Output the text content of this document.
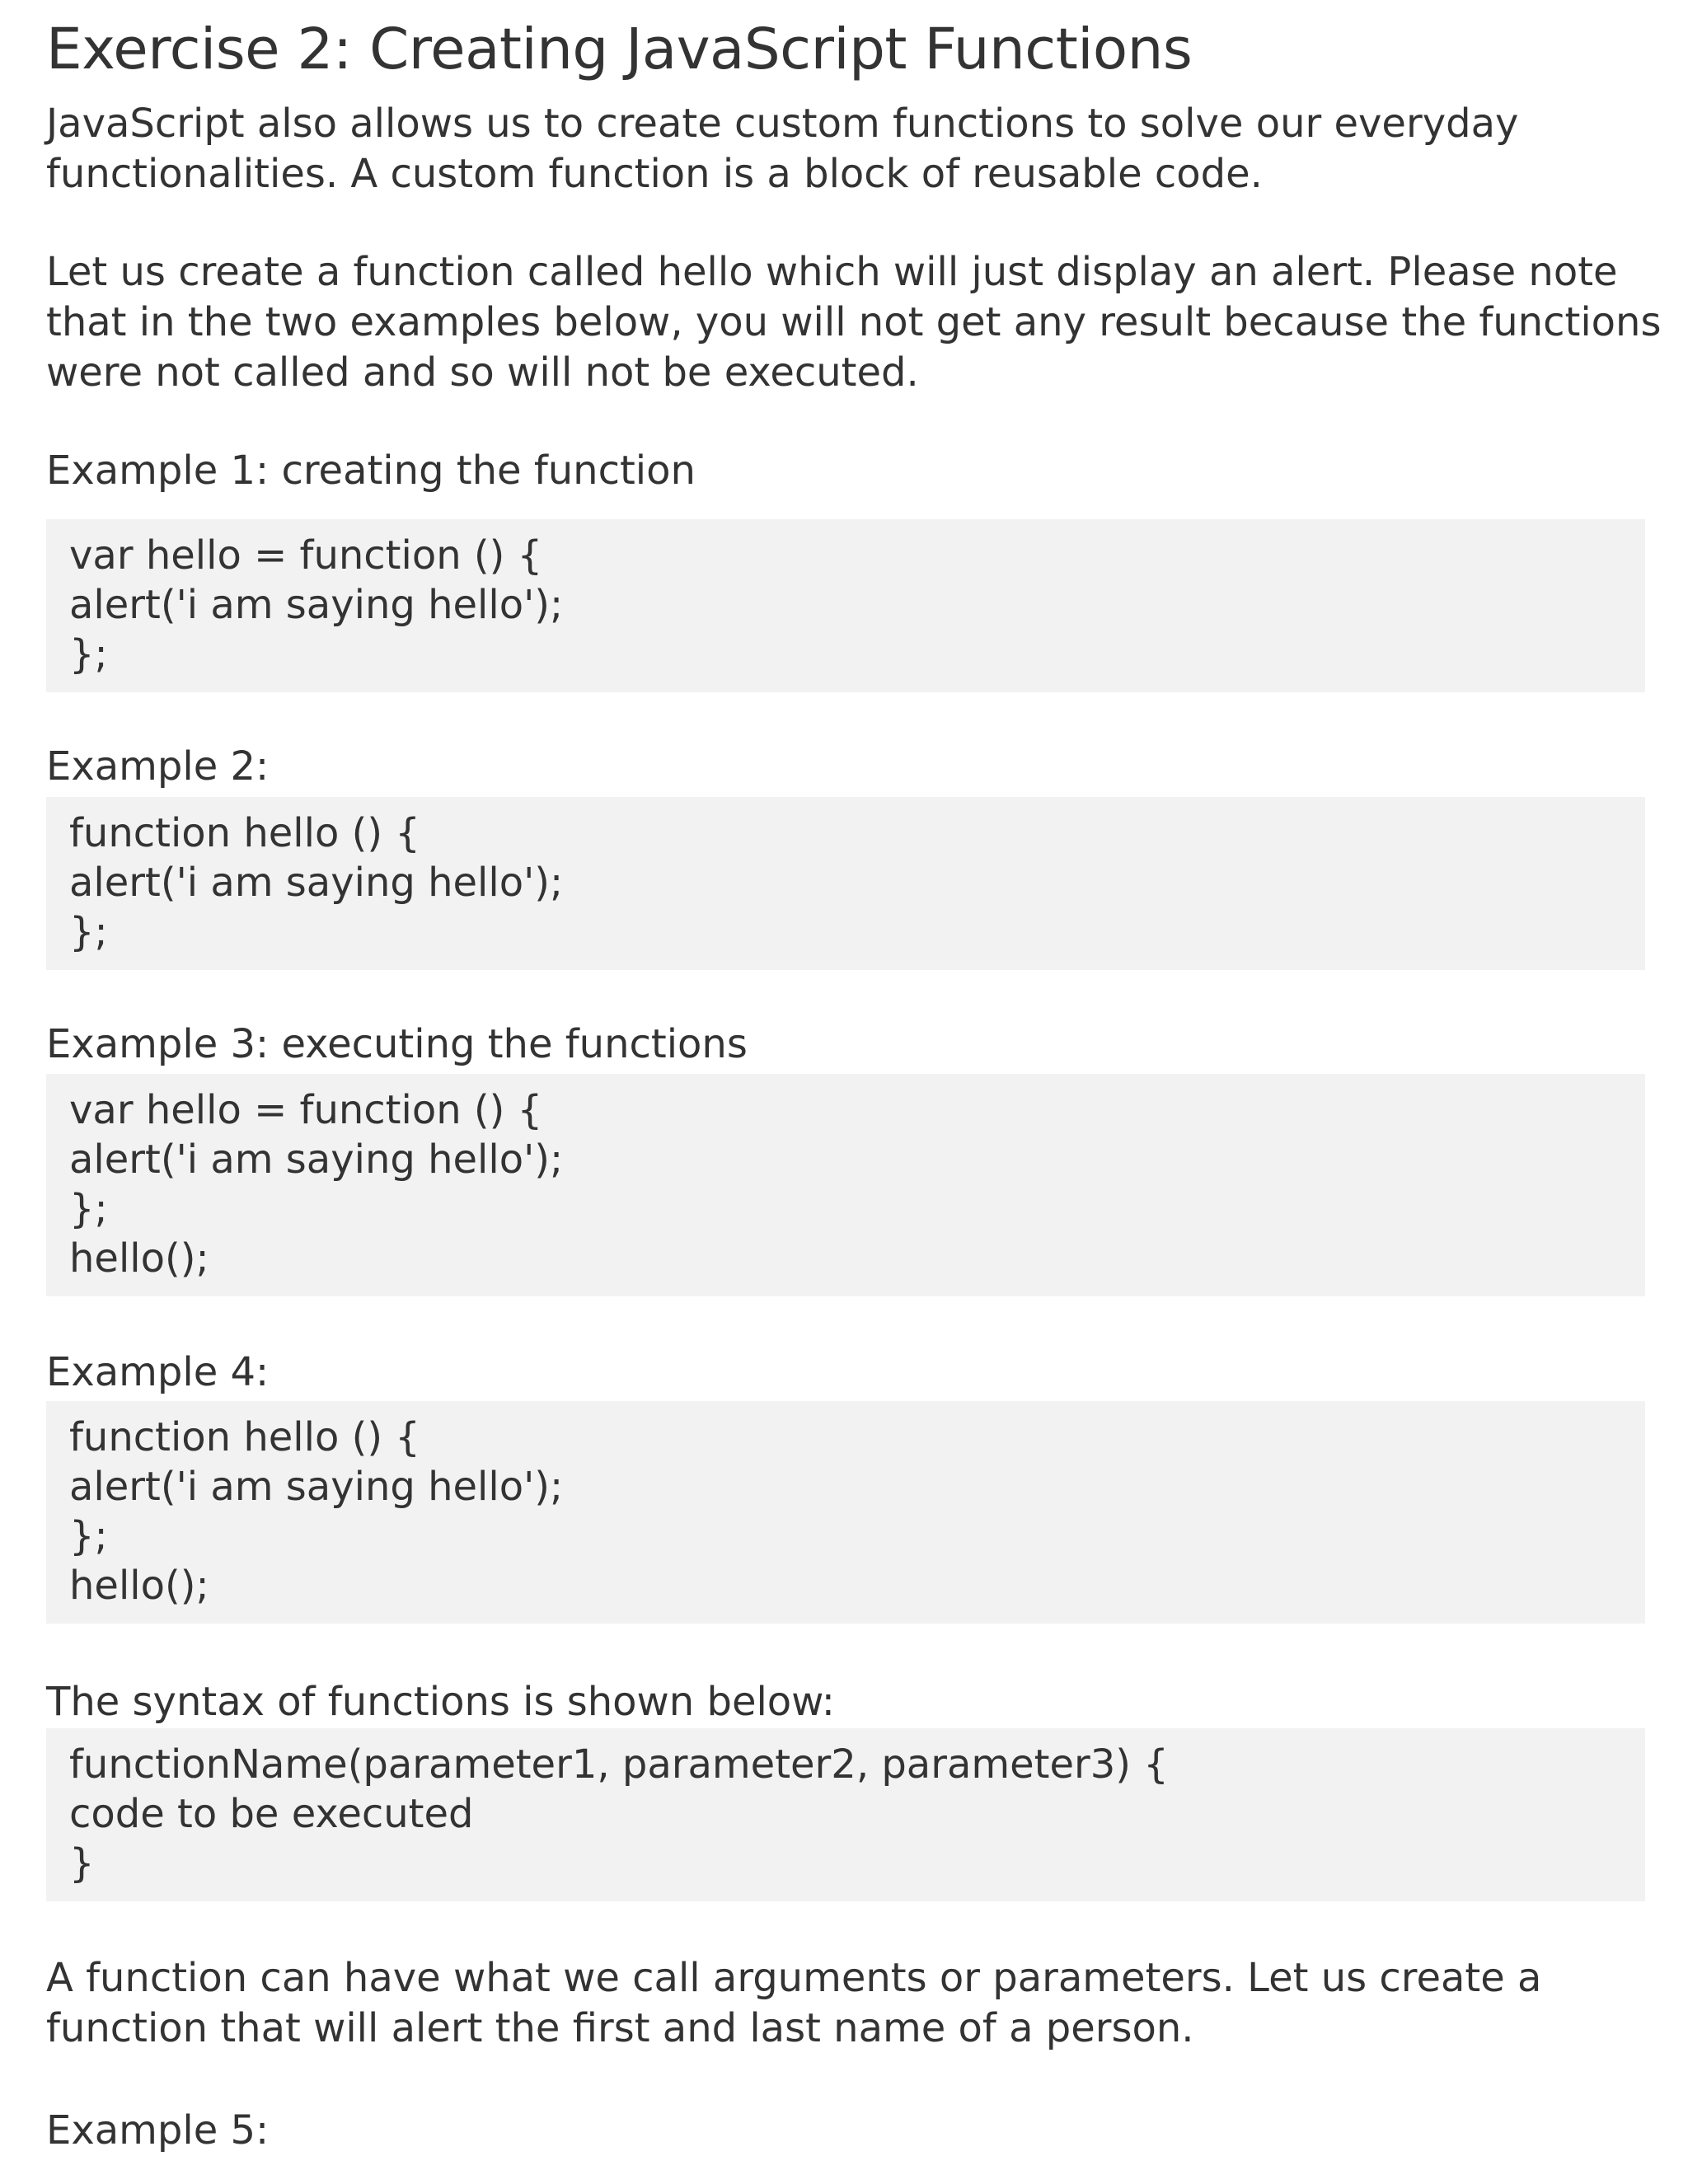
Exercise 2: Creating JavaScript Functions

JavaScript also allows us to create custom functions to solve our everyday functionalities. A custom function is a block of reusable code.

Let us create a function called hello which will just display an alert. Please note that in the two examples below, you will not get any result because the functions were not called and so will not be executed.

Example 1: creating the function

var hello = function () {
alert('i am saying hello');
};

Example 2:

function hello () {
alert('i am saying hello');
};

Example 3: executing the functions

var hello = function () {
alert('i am saying hello');
};
hello();

Example 4:

function hello () {
alert('i am saying hello');
};
hello();

The syntax of functions is shown below:

functionName(parameter1, parameter2, parameter3) {
code to be executed
}

A function can have what we call arguments or parameters. Let us create a function that will alert the first and last name of a person.

Example 5:
